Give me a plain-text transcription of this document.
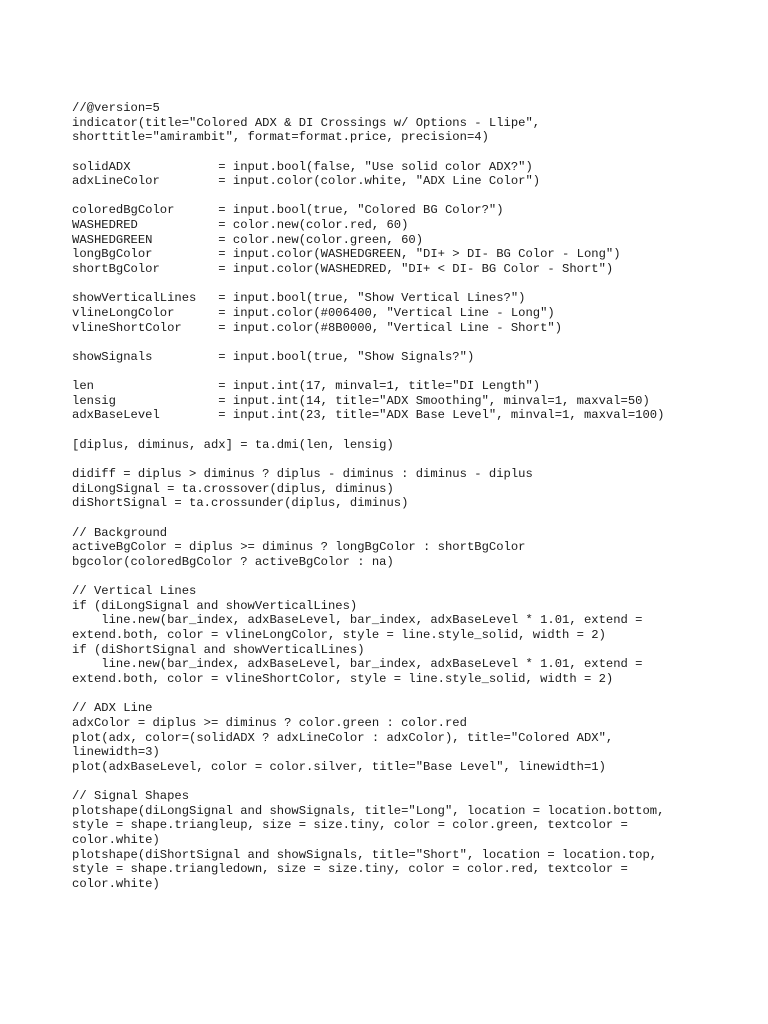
//@version=5
indicator(title="Colored ADX & DI Crossings w/ Options - Llipe",
shorttitle="amirambit", format=format.price, precision=4)
solidADX            = input.bool(false, "Use solid color ADX?")
adxLineColor        = input.color(color.white, "ADX Line Color")
coloredBgColor      = input.bool(true, "Colored BG Color?")
WASHEDRED           = color.new(color.red, 60)
WASHEDGREEN         = color.new(color.green, 60)
longBgColor         = input.color(WASHEDGREEN, "DI+ > DI- BG Color - Long")
shortBgColor        = input.color(WASHEDRED, "DI+ < DI- BG Color - Short")
showVerticalLines   = input.bool(true, "Show Vertical Lines?")
vlineLongColor      = input.color(#006400, "Vertical Line - Long")
vlineShortColor     = input.color(#8B0000, "Vertical Line - Short")
showSignals         = input.bool(true, "Show Signals?")
len                 = input.int(17, minval=1, title="DI Length")
lensig              = input.int(14, title="ADX Smoothing", minval=1, maxval=50)
adxBaseLevel        = input.int(23, title="ADX Base Level", minval=1, maxval=100)
[diplus, diminus, adx] = ta.dmi(len, lensig)
didiff = diplus > diminus ? diplus - diminus : diminus - diplus
diLongSignal = ta.crossover(diplus, diminus)
diShortSignal = ta.crossunder(diplus, diminus)
// Background
activeBgColor = diplus >= diminus ? longBgColor : shortBgColor
bgcolor(coloredBgColor ? activeBgColor : na)
// Vertical Lines
if (diLongSignal and showVerticalLines)
line.new(bar_index, adxBaseLevel, bar_index, adxBaseLevel * 1.01, extend =
extend.both, color = vlineLongColor, style = line.style_solid, width = 2)
if (diShortSignal and showVerticalLines)
line.new(bar_index, adxBaseLevel, bar_index, adxBaseLevel * 1.01, extend =
extend.both, color = vlineShortColor, style = line.style_solid, width = 2)
// ADX Line
adxColor = diplus >= diminus ? color.green : color.red
plot(adx, color=(solidADX ? adxLineColor : adxColor), title="Colored ADX",
linewidth=3)
plot(adxBaseLevel, color = color.silver, title="Base Level", linewidth=1)
// Signal Shapes
plotshape(diLongSignal and showSignals, title="Long", location = location.bottom,
style = shape.triangleup, size = size.tiny, color = color.green, textcolor =
color.white)
plotshape(diShortSignal and showSignals, title="Short", location = location.top,
style = shape.triangledown, size = size.tiny, color = color.red, textcolor =
color.white)
